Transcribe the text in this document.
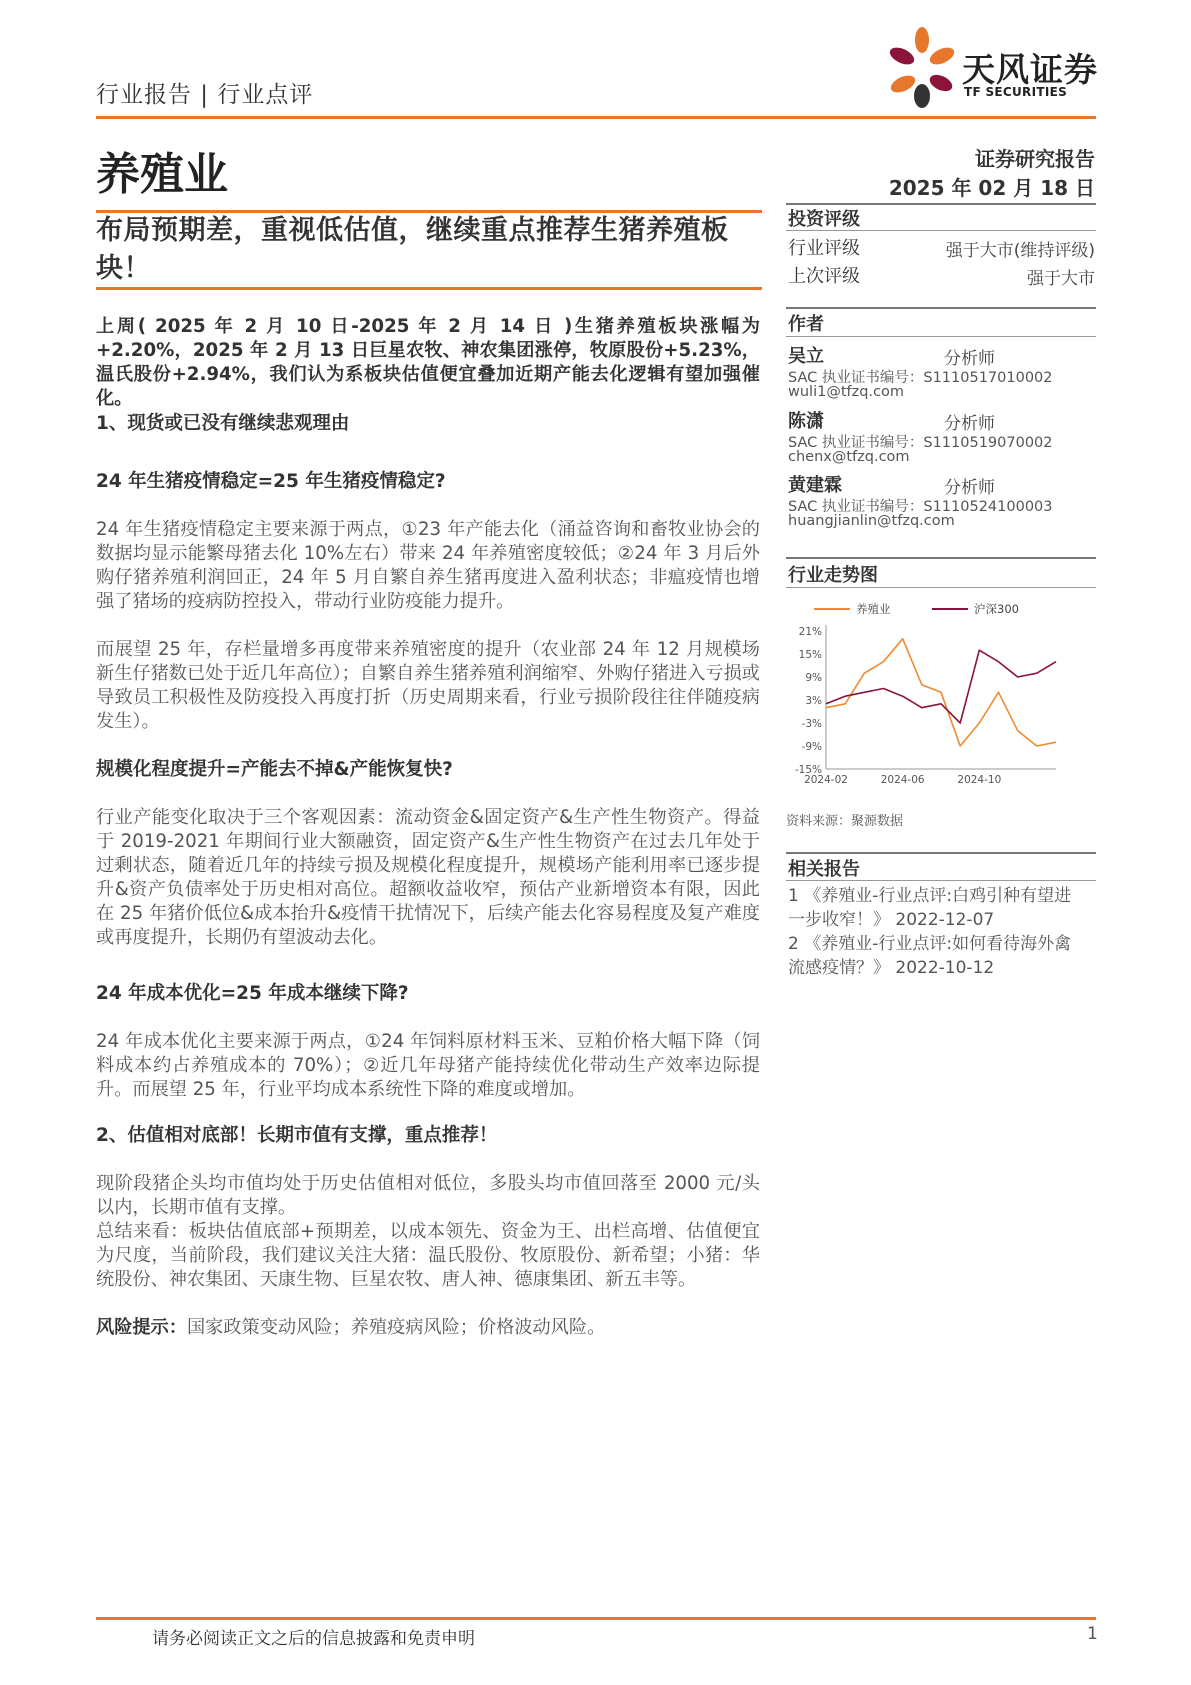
行业报告 | 行业点评
天风证券
TF SECURITIES
养殖业	证券研究报告
2025 年 02 月 18 日
布局预期差，重视低估值，继续重点推荐生猪养殖板块！

上周( 2025 年 2 月 10 日-2025 年 2 月 14 日 )生猪养殖板块涨幅为+2.20%，2025 年 2 月 13 日巨星农牧、神农集团涨停，牧原股份+5.23%，温氏股份+2.94%，我们认为系板块估值便宜叠加近期产能去化逻辑有望加强催化。

1、现货或已没有继续悲观理由
24 年生猪疫情稳定=25 年生猪疫情稳定?

24 年生猪疫情稳定主要来源于两点，①23 年产能去化（涌益咨询和畜牧业协会的数据均显示能繁母猪去化 10%左右）带来 24 年养殖密度较低；②24 年 3 月后外购仔猪养殖利润回正，24 年 5 月自繁自养生猪再度进入盈利状态；非瘟疫情也增强了猪场的疫病防控投入，带动行业防疫能力提升。

而展望 25 年，存栏量增多再度带来养殖密度的提升（农业部 24 年 12 月规模场新生仔猪数已处于近几年高位）；自繁自养生猪养殖利润缩窄、外购仔猪进入亏损或导致员工积极性及防疫投入再度打折（历史周期来看，行业亏损阶段往往伴随疫病发生）。

规模化程度提升=产能去不掉&产能恢复快?

行业产能变化取决于三个客观因素：流动资金&固定资产&生产性生物资产。得益于 2019-2021 年期间行业大额融资，固定资产&生产性生物资产在过去几年处于过剩状态，随着近几年的持续亏损及规模化程度提升，规模场产能利用率已逐步提升&资产负债率处于历史相对高位。超额收益收窄，预估产业新增资本有限，因此在 25 年猪价低位&成本抬升&疫情干扰情况下，后续产能去化容易程度及复产难度或再度提升，长期仍有望波动去化。

24 年成本优化=25 年成本继续下降?

24 年成本优化主要来源于两点，①24 年饲料原材料玉米、豆粕价格大幅下降（饲料成本约占养殖成本的 70%）；②近几年母猪产能持续优化带动生产效率边际提升。而展望 25 年，行业平均成本系统性下降的难度或增加。

2、估值相对底部！长期市值有支撑，重点推荐！

现阶段猪企头均市值均处于历史估值相对低位，多股头均市值回落至 2000 元/头以内，长期市值有支撑。

总结来看：板块估值底部+预期差，以成本领先、资金为王、出栏高增、估值便宜为尺度，当前阶段，我们建议关注大猪：温氏股份、牧原股份、新希望；小猪：华统股份、神农集团、天康生物、巨星农牧、唐人神、德康集团、新五丰等。

风险提示：国家政策变动风险；养殖疫病风险；价格波动风险。
投资评级
行业评级	强于大市(维持评级)
上次评级	强于大市
作者
吴立	分析师
SAC 执业证书编号：S1110517010002
wuli1@tfzq.com
陈潇	分析师
SAC 执业证书编号：S1110519070002
chenx@tfzq.com
黄建霖	分析师
SAC 执业证书编号：S1110524100003
huangjianlin@tfzq.com
行业走势图
养殖业	沪深300
21%
15%
9%
3%
-3%
-9%
-15%
2024-02	2024-06	2024-10
资料来源：聚源数据
相关报告
1 《养殖业-行业点评:白鸡引种有望进
一步收窄！》 2022-12-07
2 《养殖业-行业点评:如何看待海外禽
流感疫情？》 2022-10-12
请务必阅读正文之后的信息披露和免责申明	1
